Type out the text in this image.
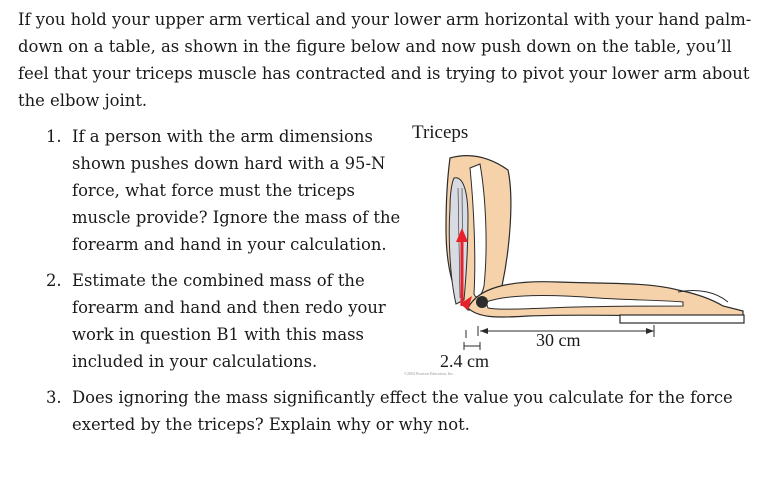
If you hold your upper arm vertical and your lower arm horizontal with your hand palm-down on a table, as shown in the figure below and now push down on the table, you’ll feel that your triceps muscle has contracted and is trying to pivot your lower arm about the elbow joint.
1. If a person with the arm dimensions shown pushes down hard with a 95-N force, what force must the triceps muscle provide? Ignore the mass of the forearm and hand in your calculation.
2. Estimate the combined mass of the forearm and hand and then redo your work in question B1 with this mass included in your calculations.
3. Does ignoring the mass significantly effect the value you calculate for the force exerted by the triceps? Explain why or why not.
Triceps
30 cm
2.4 cm
©2004 Pearson Education, Inc.
